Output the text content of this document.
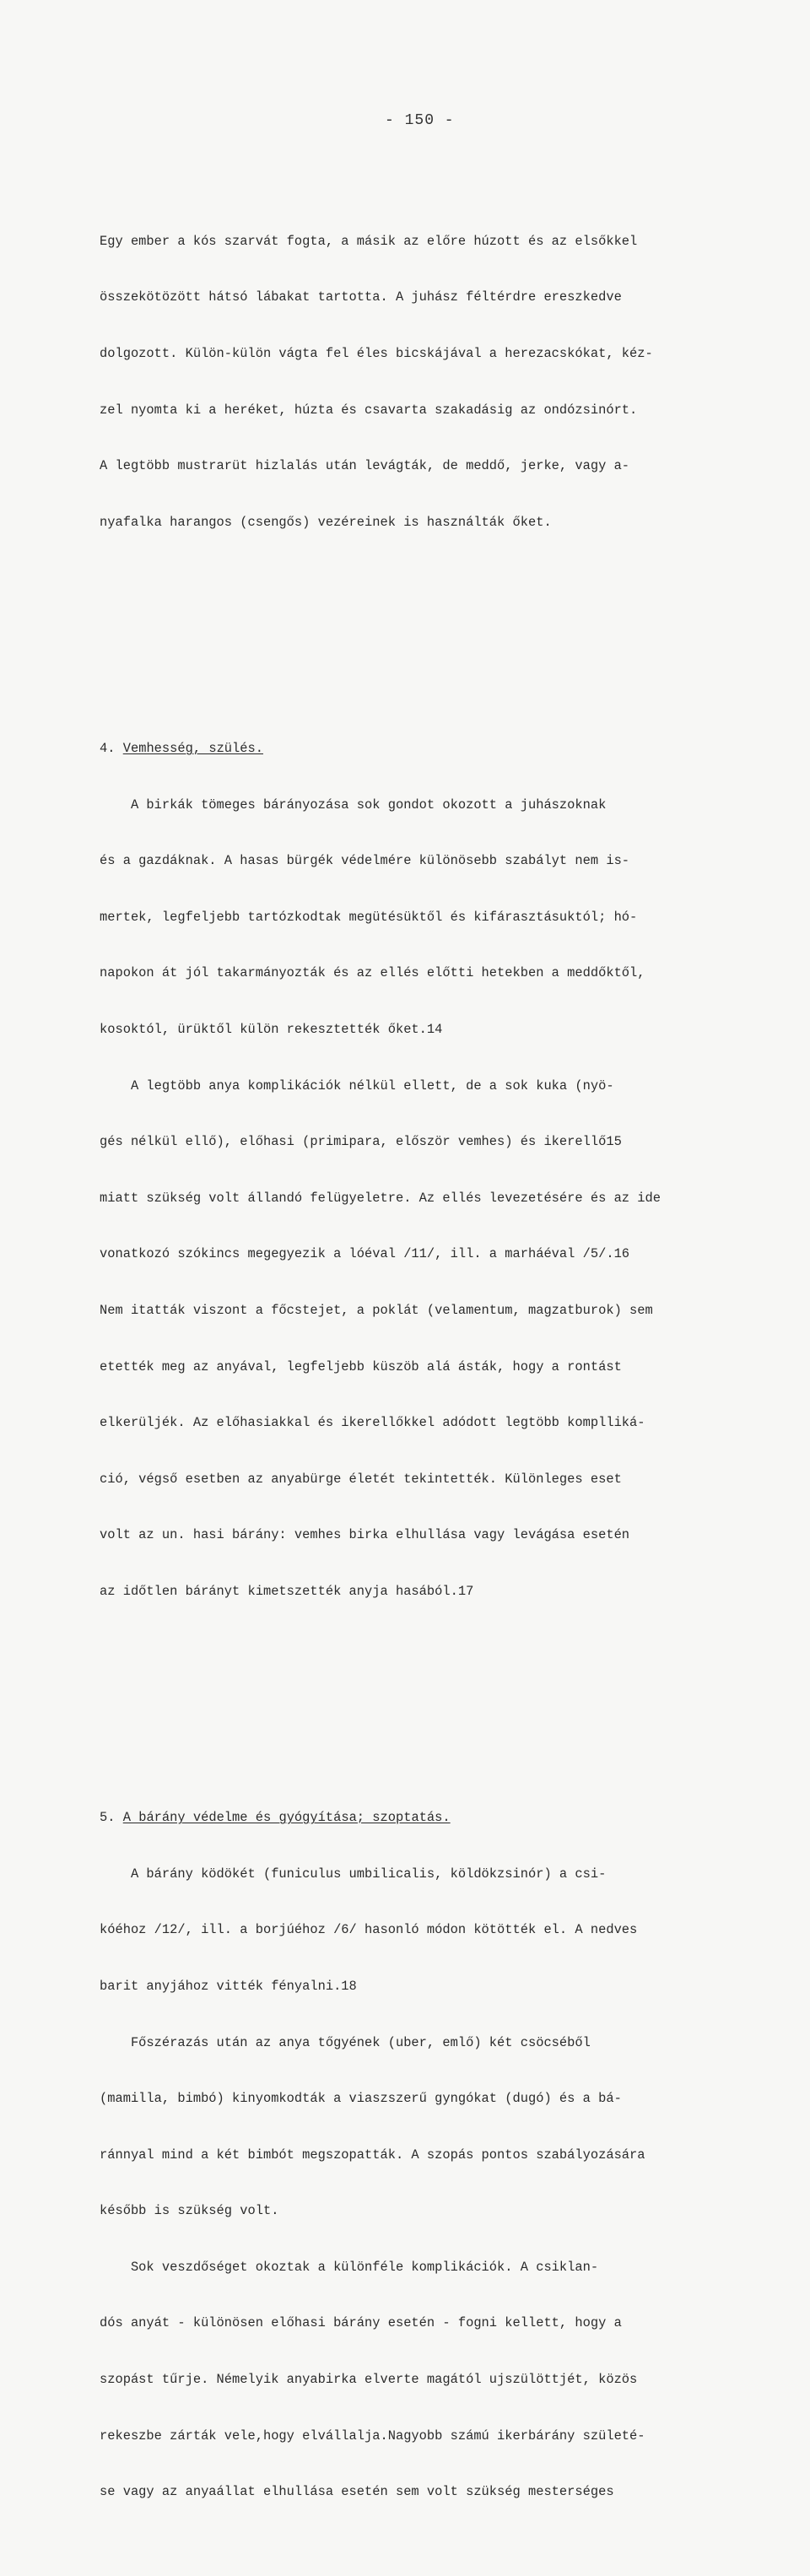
- 150 -

Egy ember a kós szarvát fogta, a másik az előre húzott és az elsőkkel

összekötözött hátsó lábakat tartotta. A juhász féltérdre ereszkedve

dolgozott. Külön-külön vágta fel éles bicskájával a herezacskókat, kéz-

zel nyomta ki a heréket, húzta és csavarta szakadásig az ondózsinórt.

A legtöbb mustrarüt hizlalás után levágták, de meddő, jerke, vagy a-

nyafalka harangos (csengős) vezéreinek is használták őket.

4. Vemhesség, szülés.

A birkák tömeges bárányozása sok gondot okozott a juhászoknak

és a gazdáknak. A hasas bürgék védelmére különösebb szabályt nem is-

mertek, legfeljebb tartózkodtak megütésüktől és kifárasztásuktól; hó-

napokon át jól takarmányozták és az ellés előtti hetekben a meddőktől,

kosoktól, ürüktől külön rekesztették őket.14

A legtöbb anya komplikációk nélkül ellett, de a sok kuka (nyö-

gés nélkül ellő), előhasi (primipara, először vemhes) és ikerellő15

miatt szükség volt állandó felügyeletre. Az ellés levezetésére és az ide

vonatkozó szókincs megegyezik a lóéval /11/, ill. a marháéval /5/.16

Nem itatták viszont a főcstejet, a poklát (velamentum, magzatburok) sem

etették meg az anyával, legfeljebb küszöb alá ásták, hogy a rontást

elkerüljék. Az előhasiakkal és ikerellőkkel adódott legtöbb komplliká-

ció, végső esetben az anyabürge életét tekintették. Különleges eset

volt az un. hasi bárány: vemhes birka elhullása vagy levágása esetén

az időtlen bárányt kimetszették anyja hasából.17

5. A bárány védelme és gyógyítása; szoptatás.

A bárány ködökét (funiculus umbilicalis, köldökzsinór) a csi-

kóéhoz /12/, ill. a borjúéhoz /6/ hasonló módon kötötték el. A nedves

barit anyjához vitték fényalni.18

Főszérazás után az anya tőgyének (uber, emlő) két csöcséből

(mamilla, bimbó) kinyomkodták a viaszszerű gyngókat (dugó) és a bá-

ránnyal mind a két bimbót megszopatták. A szopás pontos szabályozására

később is szükség volt.

Sok veszdőséget okoztak a különféle komplikációk. A csiklan-

dós anyát - különösen előhasi bárány esetén - fogni kellett, hogy a

szopást tűrje. Némelyik anyabirka elverte magától ujszülöttjét, közös

rekeszbe zárták vele,hogy elvállalja.Nagyobb számú ikerbárány születé-

se vagy az anyaállat elhullása esetén sem volt szükség mesterséges
